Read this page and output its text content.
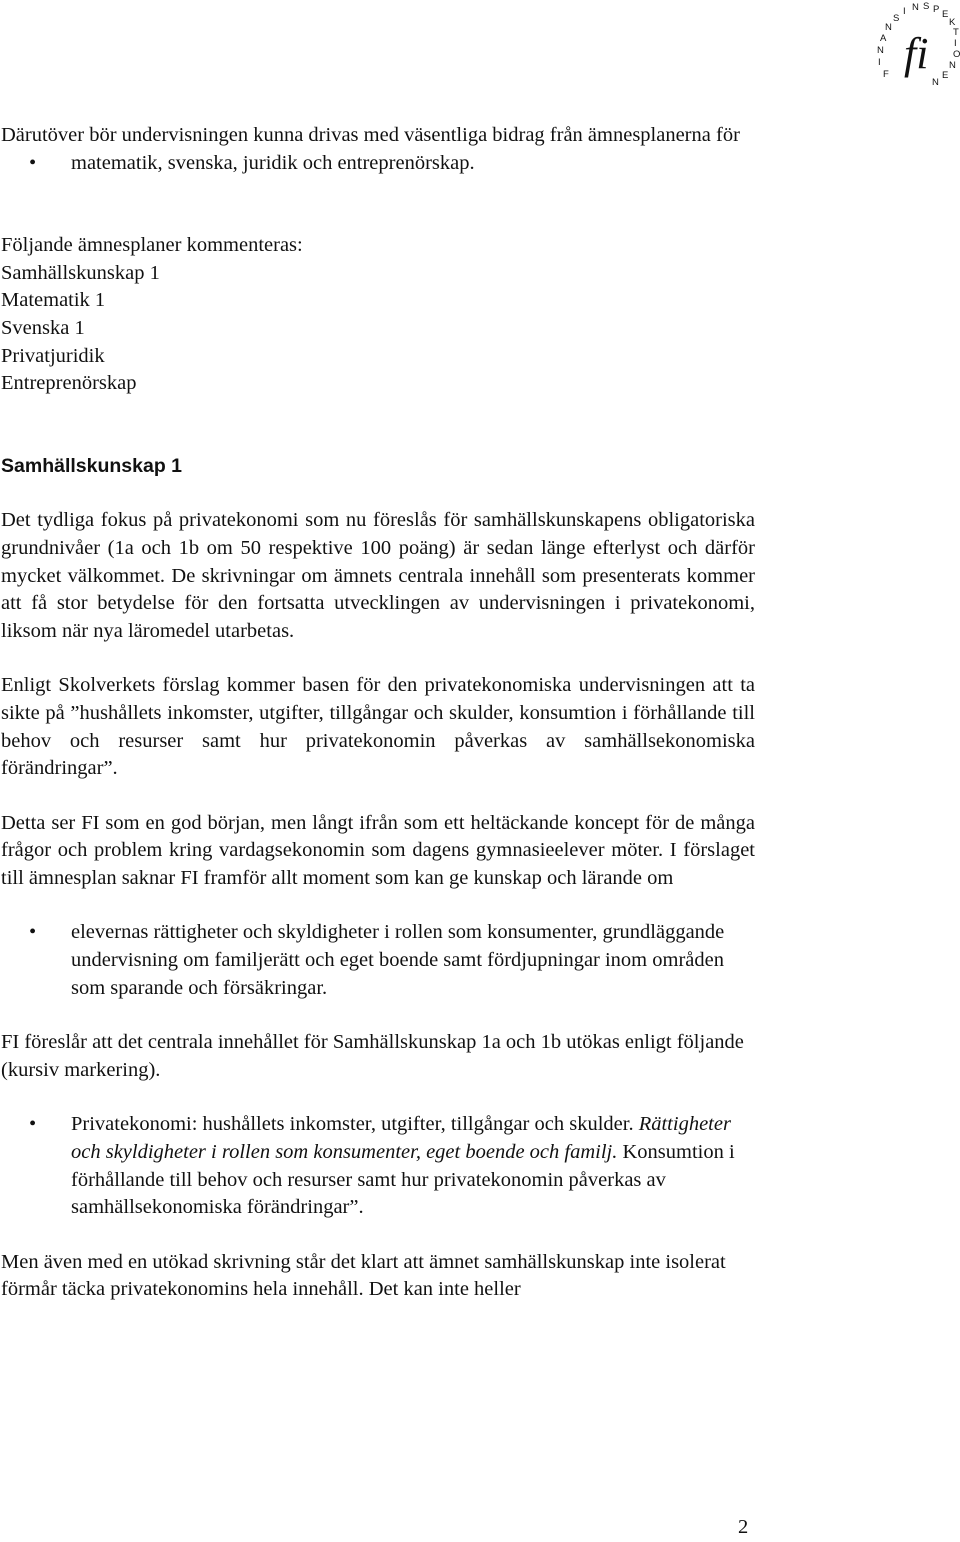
F
I
N
A
N
S
I N S P E
K
T
I
O
N
E
N
fi

Därutöver bör undervisningen kunna drivas med väsentliga bidrag från ämnesplanerna för

• matematik, svenska, juridik och entreprenörskap.

Följande ämnesplaner kommenteras:

Samhällskunskap 1

Matematik 1

Svenska 1

Privatjuridik

Entreprenörskap

Samhällskunskap 1

Det tydliga fokus på privatekonomi som nu föreslås för samhällskunskapens obligatoriska grundnivåer (1a och 1b om 50 respektive 100 poäng) är sedan länge efterlyst och därför mycket välkommet. De skrivningar om ämnets centrala innehåll som presenterats kommer att få stor betydelse för den fortsatta utvecklingen av undervisningen i privatekonomi, liksom när nya läromedel utarbetas.

Enligt Skolverkets förslag kommer basen för den privatekonomiska undervisningen att ta sikte på ”hushållets inkomster, utgifter, tillgångar och skulder, konsumtion i förhållande till behov och resurser samt hur privatekonomin påverkas av samhällsekonomiska förändringar”.

Detta ser FI som en god början, men långt ifrån som ett heltäckande koncept för de många frågor och problem kring vardagsekonomin som dagens gymnasieelever möter. I förslaget till ämnesplan saknar FI framför allt moment som kan ge kunskap och lärande om

• elevernas rättigheter och skyldigheter i rollen som konsumenter, grundläggande undervisning om familjerätt och eget boende samt fördjupningar inom områden som sparande och försäkringar.

FI föreslår att det centrala innehållet för Samhällskunskap 1a och 1b utökas enligt följande (kursiv markering).

• Privatekonomi: hushållets inkomster, utgifter, tillgångar och skulder. Rättigheter och skyldigheter i rollen som konsumenter, eget boende och familj. Konsumtion i förhållande till behov och resurser samt hur privatekonomin påverkas av samhällsekonomiska förändringar”.

Men även med en utökad skrivning står det klart att ämnet samhällskunskap inte isolerat förmår täcka privatekonomins hela innehåll. Det kan inte heller

2
